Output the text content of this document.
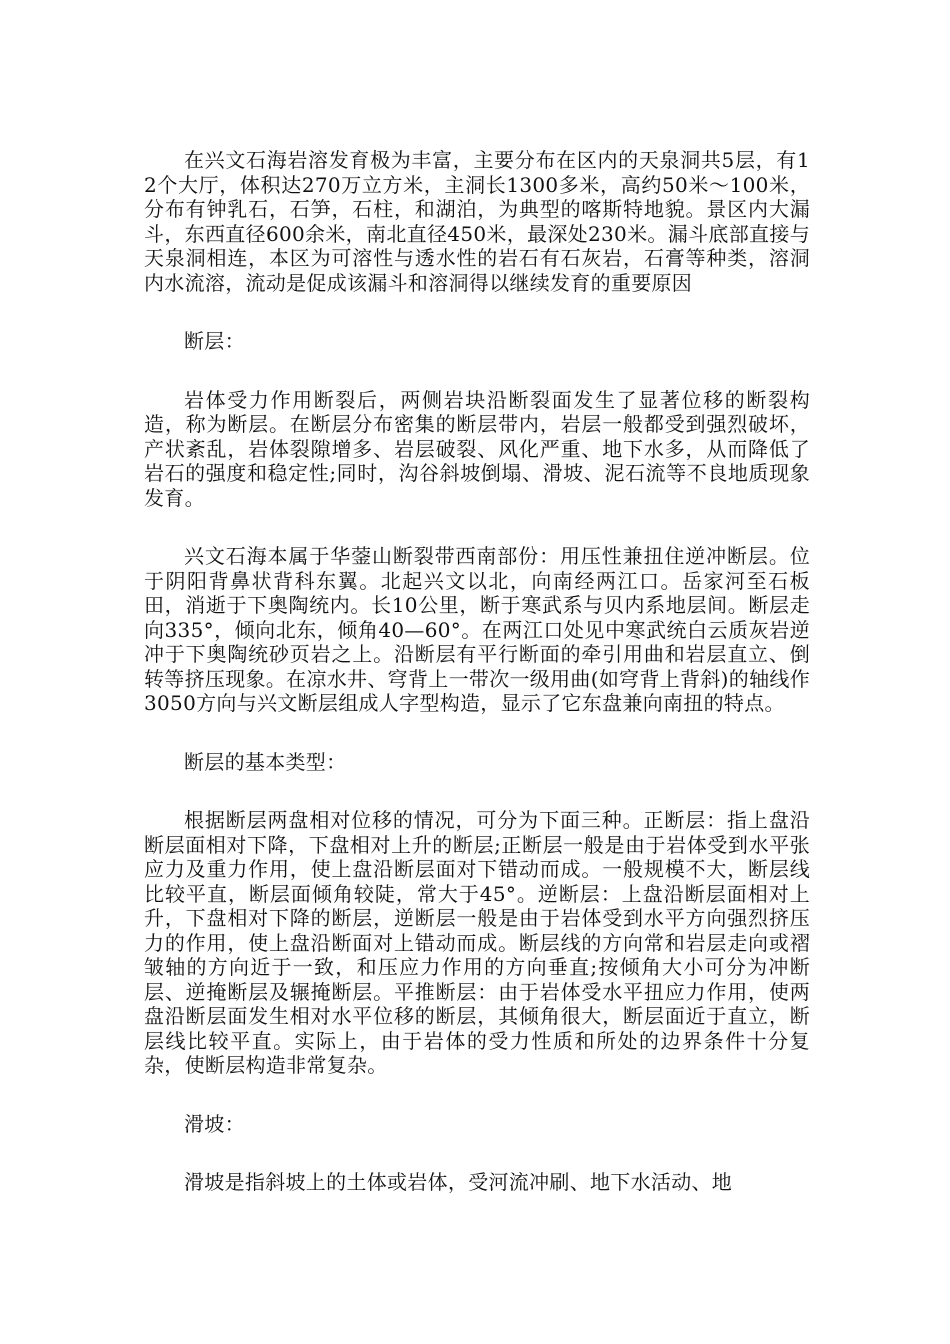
在兴文石海岩溶发育极为丰富，主要分布在区内的天泉洞共5层，有12个大厅，体积达270万立方米，主洞长1300多米，高约50米～100米，分布有钟乳石，石笋，石柱，和湖泊，为典型的喀斯特地貌。景区内大漏斗，东西直径600余米，南北直径450米，最深处230米。漏斗底部直接与天泉洞相连，本区为可溶性与透水性的岩石有石灰岩，石膏等种类，溶洞内水流溶，流动是促成该漏斗和溶洞得以继续发育的重要原因

断层：

岩体受力作用断裂后，两侧岩块沿断裂面发生了显著位移的断裂构造，称为断层。在断层分布密集的断层带内，岩层一般都受到强烈破坏，产状紊乱，岩体裂隙增多、岩层破裂、风化严重、地下水多，从而降低了岩石的强度和稳定性;同时，沟谷斜坡倒塌、滑坡、泥石流等不良地质现象发育。

兴文石海本属于华蓥山断裂带西南部份：用压性兼扭住逆冲断层。位于阴阳背鼻状背科东翼。北起兴文以北，向南经两江口。岳家河至石板田，消逝于下奥陶统内。长10公里，断于寒武系与贝内系地层间。断层走向335°，倾向北东，倾角40—60°。在两江口处见中寒武统白云质灰岩逆冲于下奥陶统砂页岩之上。沿断层有平行断面的牵引用曲和岩层直立、倒转等挤压现象。在凉水井、穹背上一带次一级用曲(如穹背上背斜)的轴线作3050方向与兴文断层组成人字型构造，显示了它东盘兼向南扭的特点。

断层的基本类型：

根据断层两盘相对位移的情况，可分为下面三种。正断层：指上盘沿断层面相对下降，下盘相对上升的断层;正断层一般是由于岩体受到水平张应力及重力作用，使上盘沿断层面对下错动而成。一般规模不大，断层线比较平直，断层面倾角较陡，常大于45°。逆断层：上盘沿断层面相对上升，下盘相对下降的断层，逆断层一般是由于岩体受到水平方向强烈挤压力的作用，使上盘沿断面对上错动而成。断层线的方向常和岩层走向或褶皱轴的方向近于一致，和压应力作用的方向垂直;按倾角大小可分为冲断层、逆掩断层及辗掩断层。平推断层：由于岩体受水平扭应力作用，使两盘沿断层面发生相对水平位移的断层，其倾角很大，断层面近于直立，断层线比较平直。实际上，由于岩体的受力性质和所处的边界条件十分复杂，使断层构造非常复杂。

滑坡：

滑坡是指斜坡上的土体或岩体，受河流冲刷、地下水活动、地
